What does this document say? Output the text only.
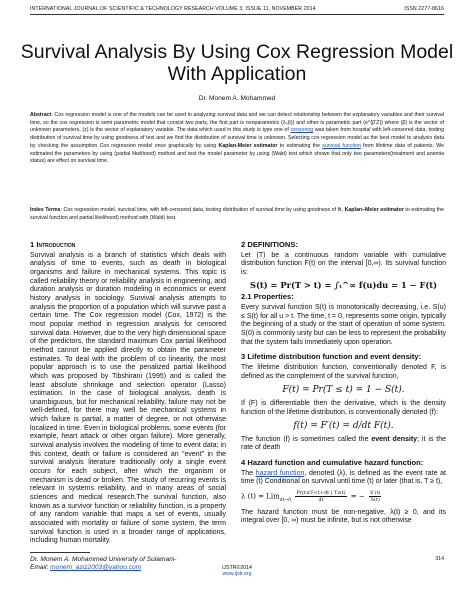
INTERNATIONAL JOURNAL OF SCIENTIFIC & TECHNOLOGY RESEARCH VOLUME 3, ISSUE 11, NOVEMBER 2014	ISSN 2277-8616
Survival Analysis By Using Cox Regression Model With Application
Dr. Monem A. Mohammed
Abstract: Cox regression model is one of the models can be used in analyzing survival data and we can detect relationship between the explanatory variables and their survival time, so the cox regression is semi parametric model that consist two parts, the first part is nonparametric (λ₀(t)) and other is parametric part (e^{β'Z}) where (β) is the vector of unknown parameters, (z) is the vector of explanatory variable. The data which used in this study is type one of censoring was taken from hospital with left-censored data, testing distribution of survival time by using goodness of test and we find the distribution of survival time is unknown. Selecting cox regression model as the best model to analysis data by checking the assumption Cox regression model once graphically by using Kaplan-Meier estimator to estimating the survival function from lifetime data of patients. We estimated the parameters by using (partial likelihood) method and test the model parameter by using (Wald) test which shown that only two parameters(treatment and anemia status) are effect on survival time.
Index Terms: Cox regression model, survival time, with left-censored data, testing distribution of survival time by using goodness of fit, Kaplan–Meier estimator to estimating the survival function and partial likelihood) method with (Wald) test.
1 Introduction

Survival analysis is a branch of statistics which deals with analysis of time to events, such as death in biological organisms and failure in mechanical systems. This topic is called reliability theory or reliability analysis in engineering, and duration analysis or duration modeling in economics or event history analysis in sociology. Survival analysis attempts to analysis the proportion of a population which will survive past a certain time. The Cox regression model (Cox, 1972) is the most popular method in regression analysis for censored survival data. However, due to the very high dimensional space of the predictors, the standard maximum Cox partial likelihood method cannot be applied directly to obtain the parameter estimates. To deal with the problem of co linearity, the most popular approach is to use the penalized partial likelihood which was proposed by Tibshirani (1995) and is called the least absolute shrinkage and selection operator (Lasso) estimation. In the case of biological analysis, death is unambiguous, but for mechanical reliability, failure may not be well-defined, for there may well be mechanical systems in which failure is partial, a matter of degree, or not otherwise localized in time. Even in biological problems, some events (for example, heart attack or other organ failure). More generally, survival analysis involves the modeling of time to event data; in this context, death or failure is considered an "event" in the survival analysis literature traditionally only a single event occurs for each subject, after which the organism or mechanism is dead or broken. The study of recurring events is relevant in systems reliability, and in many areas of social sciences and medical research.The survival function, also known as a survivor function or reliability function, is a property of any random variable that maps a set of events, usually associated with mortality or failure of some system, the term survival function is used in a broader range of applications, including human mortality.

Dr. Monem A. Mohammed University of Sulamani-
Email: monem_aziz2003@yahoo.com
2 DEFINITIONS:

Let (T) be a continuous random variable with cumulative distribution function F(t) on the interval [0,∞). Its survival function is:

S(t) = Pr(T > t) = ∫ₜ^∞ f(u)du = 1 − F(t)
2.1 Properties:

Every survival function S(t) is monotonically decreasing, i.e. S(u) ≤ S(t) for all u > t. The time, t = 0, represents some origin, typically the beginning of a study or the start of operation of some system. S(0) is commonly unity but can be less to represent the probability that the system fails immediately upon operation.

3 Lifetime distribution function and event density:

The lifetime distribution function, conventionally denoted F, is defined as the complement of the survival function,

F(t) = Pr(T ≤ t) = 1 − S(t).

If (F) is differentiable then the derivative, which is the density function of the lifetime distribution, is conventionally denoted (f):

f(t) = F′(t) = d/dt F(t).

The function (f) is sometimes called the event density; it is the rate of death

4 Hazard function and cumulative hazard function:

The hazard function, denoted (λ), is defined as the event rate at time (t) Conditional on survival until time (t) or later (that is, T ≥ t),

λ $(t) = Lim_{dt\to 0} \frac{Pr(t\le T<t+dt | T\ge t)}{dt}$ = − $\frac{S'(t)}{S(t)}$

The hazard function must be non-negative, λ(t) ≥ 0, and its integral over [0, ∞) must be infinite, but is not otherwise

314
IJSTR©2014
www.ijstr.org
